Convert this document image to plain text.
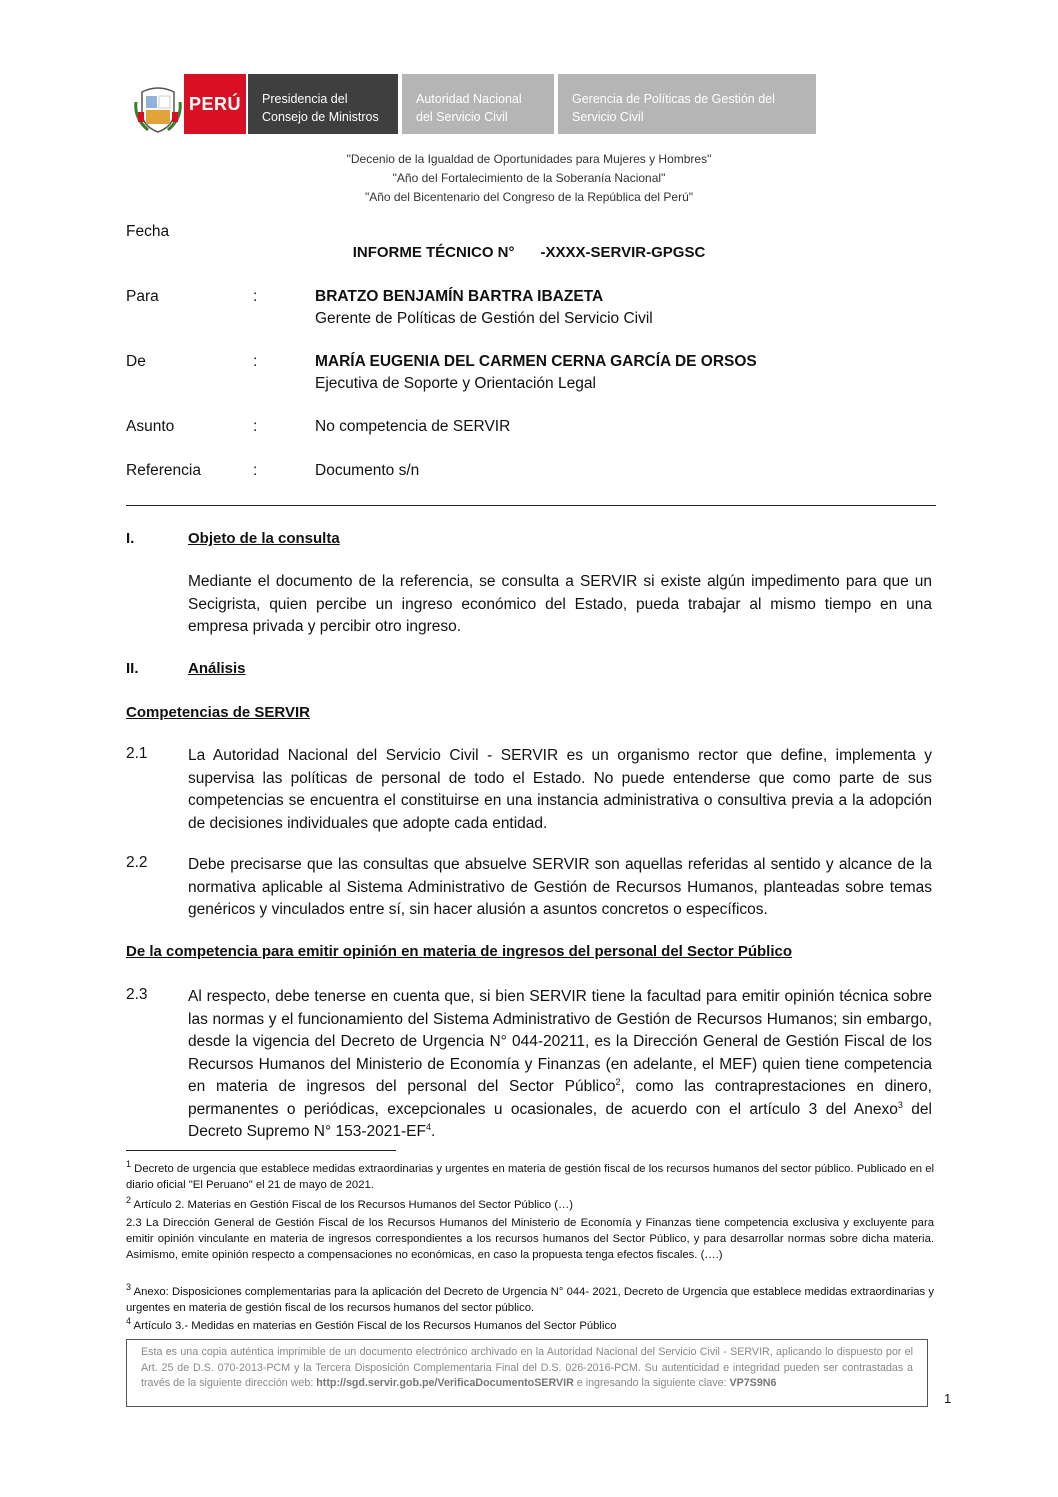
PERÚ Presidencia del
Consejo de Ministros
Autoridad Nacional
del Servicio Civil
Gerencia de Políticas de Gestión del
Servicio Civil
"Decenio de la Igualdad de Oportunidades para Mujeres y Hombres"
"Año del Fortalecimiento de la Soberanía Nacional"
"Año del Bicentenario del Congreso de la República del Perú"
Fecha
INFORME TÉCNICO N° -XXXX-SERVIR-GPGSC
Para	:	BRATZO BENJAMÍN BARTRA IBAZETA
Gerente de Políticas de Gestión del Servicio Civil
De	:	MARÍA EUGENIA DEL CARMEN CERNA GARCÍA DE ORSOS
Ejecutiva de Soporte y Orientación Legal
Asunto	:	No competencia de SERVIR
Referencia	:	Documento s/n
I.	Objeto de la consulta
Mediante el documento de la referencia, se consulta a SERVIR si existe algún impedimento para que un Secigrista, quien percibe un ingreso económico del Estado, pueda trabajar al mismo tiempo en una empresa privada y percibir otro ingreso.
II.	Análisis
Competencias de SERVIR
2.1	La Autoridad Nacional del Servicio Civil - SERVIR es un organismo rector que define, implementa y supervisa las políticas de personal de todo el Estado. No puede entenderse que como parte de sus competencias se encuentra el constituirse en una instancia administrativa o consultiva previa a la adopción de decisiones individuales que adopte cada entidad.
2.2	Debe precisarse que las consultas que absuelve SERVIR son aquellas referidas al sentido y alcance de la normativa aplicable al Sistema Administrativo de Gestión de Recursos Humanos, planteadas sobre temas genéricos y vinculados entre sí, sin hacer alusión a asuntos concretos o específicos.
De la competencia para emitir opinión en materia de ingresos del personal del Sector Público
2.3	Al respecto, debe tenerse en cuenta que, si bien SERVIR tiene la facultad para emitir opinión técnica sobre las normas y el funcionamiento del Sistema Administrativo de Gestión de Recursos Humanos; sin embargo, desde la vigencia del Decreto de Urgencia N° 044-20211, es la Dirección General de Gestión Fiscal de los Recursos Humanos del Ministerio de Economía y Finanzas (en adelante, el MEF) quien tiene competencia en materia de ingresos del personal del Sector Público$^2$, como las contraprestaciones en dinero, permanentes o periódicas, excepcionales u ocasionales, de acuerdo con el artículo 3 del Anexo$^3$ del Decreto Supremo N° $153-2021-EF^4$.
$^1$ Decreto de urgencia que establece medidas extraordinarias y urgentes en materia de gestión fiscal de los recursos humanos del sector público. Publicado en el diario oficial "El Peruano" el 21 de mayo de 2021.
$^2$ Artículo 2. Materias en Gestión Fiscal de los Recursos Humanos del Sector Público (…)
2.3 La Dirección General de Gestión Fiscal de los Recursos Humanos del Ministerio de Economía y Finanzas tiene competencia exclusiva y excluyente para emitir opinión vinculante en materia de ingresos correspondientes a los recursos humanos del Sector Público, y para desarrollar normas sobre dicha materia. Asimismo, emite opinión respecto a compensaciones no económicas, en caso la propuesta tenga efectos fiscales. (….)
$^3$ Anexo: Disposiciones complementarias para la aplicación del Decreto de Urgencia N° 044- 2021, Decreto de Urgencia que establece medidas extraordinarias y urgentes en materia de gestión fiscal de los recursos humanos del sector público.
$^4$ Artículo 3.- Medidas en materias en Gestión Fiscal de los Recursos Humanos del Sector Público
Esta es una copia auténtica imprimible de un documento electrónico archivado en la Autoridad Nacional del Servicio Civil - SERVIR, aplicando lo dispuesto por el Art. 25 de D.S. 070-2013-PCM y la Tercera Disposición Complementaria Final del D.S. 026-2016-PCM. Su autenticidad e integridad pueden ser contrastadas a través de la siguiente dirección web: http://sgd.servir.gob.pe/VerificaDocumentoSERVIR e ingresando la siguiente clave: VP7S9N6
1
